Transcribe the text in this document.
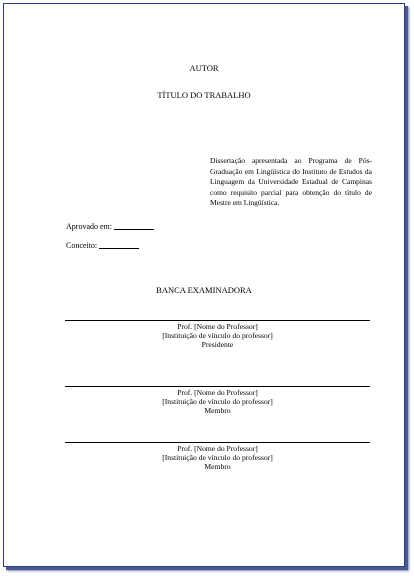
AUTOR
TÍTULO DO TRABALHO
Dissertação apresentada ao Programa de Pós-Graduação em Lingüística do Instituto de Estudos da Linguagem da Universidade Estadual de Campinas como requisito parcial para obtenção do título de Mestre em Lingüística.
Aprovado em:
Conceito:
BANCA EXAMINADORA
Prof. [Nome do Professor]
[Instituição de vínculo do professor]
Presidente
Prof. [Nome do Professor]
[Instituição de vínculo do professor]
Membro
Prof. [Nome do Professor]
[Instituição de vínculo do professor]
Membro
